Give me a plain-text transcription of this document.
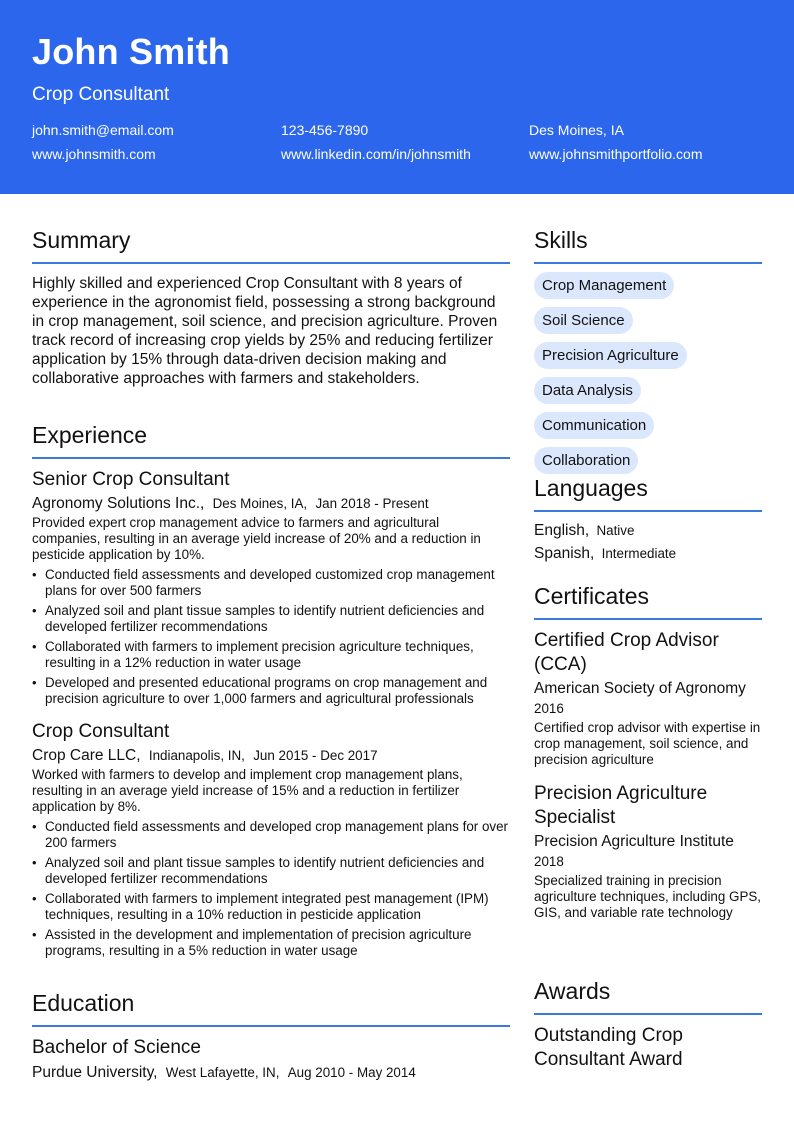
John Smith
Crop Consultant
john.smith@email.com	123-456-7890	Des Moines, IA
www.johnsmith.com	www.linkedin.com/in/johnsmith	www.johnsmithportfolio.com
Summary
Highly skilled and experienced Crop Consultant with 8 years of experience in the agronomist field, possessing a strong background in crop management, soil science, and precision agriculture. Proven track record of increasing crop yields by 25% and reducing fertilizer application by 15% through data-driven decision making and collaborative approaches with farmers and stakeholders.
Experience
Senior Crop Consultant
Agronomy Solutions Inc., Des Moines, IA, Jan 2018 - Present
Provided expert crop management advice to farmers and agricultural companies, resulting in an average yield increase of 20% and a reduction in pesticide application by 10%.
• Conducted field assessments and developed customized crop management plans for over 500 farmers
• Analyzed soil and plant tissue samples to identify nutrient deficiencies and developed fertilizer recommendations
• Collaborated with farmers to implement precision agriculture techniques, resulting in a 12% reduction in water usage
• Developed and presented educational programs on crop management and precision agriculture to over 1,000 farmers and agricultural professionals
Crop Consultant
Crop Care LLC, Indianapolis, IN, Jun 2015 - Dec 2017
Worked with farmers to develop and implement crop management plans, resulting in an average yield increase of 15% and a reduction in fertilizer application by 8%.
• Conducted field assessments and developed crop management plans for over 200 farmers
• Analyzed soil and plant tissue samples to identify nutrient deficiencies and developed fertilizer recommendations
• Collaborated with farmers to implement integrated pest management (IPM) techniques, resulting in a 10% reduction in pesticide application
• Assisted in the development and implementation of precision agriculture programs, resulting in a 5% reduction in water usage
Education
Bachelor of Science
Purdue University, West Lafayette, IN, Aug 2010 - May 2014
Skills
Crop Management
Soil Science
Precision Agriculture
Data Analysis
Communication
Collaboration
Languages
English, Native
Spanish, Intermediate
Certificates
Certified Crop Advisor (CCA)
American Society of Agronomy
2016
Certified crop advisor with expertise in crop management, soil science, and precision agriculture
Precision Agriculture Specialist
Precision Agriculture Institute
2018
Specialized training in precision agriculture techniques, including GPS, GIS, and variable rate technology
Awards
Outstanding Crop Consultant Award
